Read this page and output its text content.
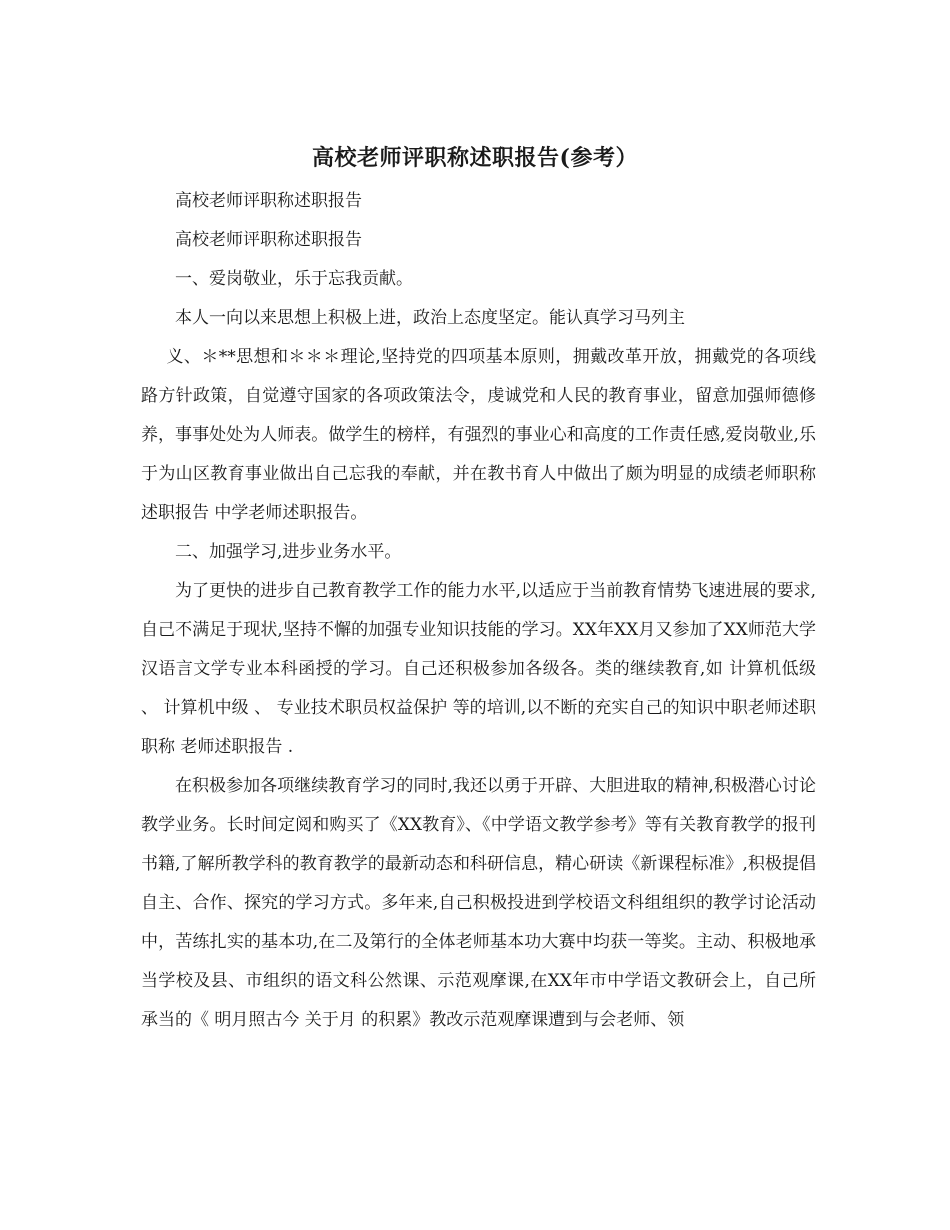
高校老师评职称述职报告(参考）

高校老师评职称述职报告

高校老师评职称述职报告

一、爱岗敬业，乐于忘我贡献。

本人一向以来思想上积极上进，政治上态度坚定。能认真学习马列主

义、＊**思想和＊＊＊理论,坚持党的四项基本原则，拥戴改革开放，拥戴党的各项线路方针政策，自觉遵守国家的各项政策法令，虔诚党和人民的教育事业，留意加强师德修养，事事处处为人师表。做学生的榜样，有强烈的事业心和高度的工作责任感,爱岗敬业,乐于为山区教育事业做出自己忘我的奉献，并在教书育人中做出了颇为明显的成绩老师职称述职报告 中学老师述职报告。

二、加强学习,进步业务水平。

为了更快的进步自己教育教学工作的能力水平,以适应于当前教育情势飞速进展的要求,自己不满足于现状,坚持不懈的加强专业知识技能的学习。XX年XX月又参加了XX师范大学汉语言文学专业本科函授的学习。自己还积极参加各级各。类的继续教育,如 计算机低级 、 计算机中级 、 专业技术职员权益保护 等的培训,以不断的充实自己的知识中职老师述职 职称 老师述职报告 .

在积极参加各项继续教育学习的同时,我还以勇于开辟、大胆进取的精神,积极潜心讨论教学业务。长时间定阅和购买了《XX教育》、《中学语文教学参考》等有关教育教学的报刊书籍,了解所教学科的教育教学的最新动态和科研信息，精心研读《新课程标准》,积极提倡自主、合作、探究的学习方式。多年来,自己积极投进到学校语文科组组织的教学讨论活动中，苦练扎实的基本功,在二及第行的全体老师基本功大赛中均获一等奖。主动、积极地承当学校及县、市组织的语文科公然课、示范观摩课,在XX年市中学语文教研会上，自己所承当的《 明月照古今 关于月 的积累》教改示范观摩课遭到与会老师、领
